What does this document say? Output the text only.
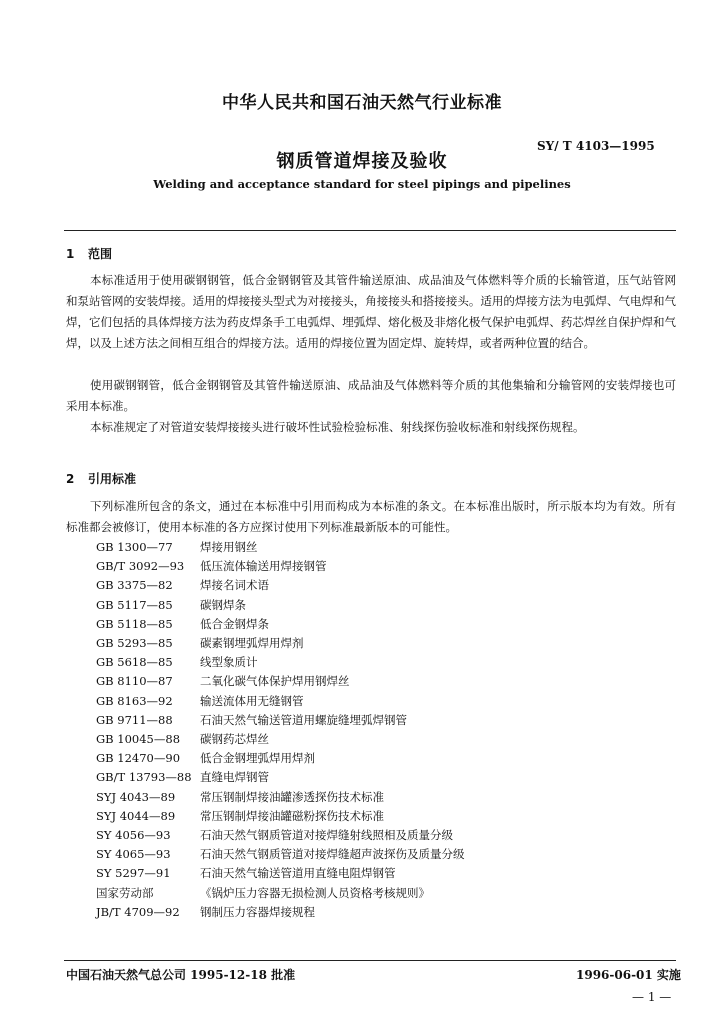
中华人民共和国石油天然气行业标准
SY/ T 4103—1995
钢质管道焊接及验收
Welding and acceptance standard for steel pipings and pipelines
1 范围

本标准适用于使用碳钢钢管，低合金钢钢管及其管件输送原油、成品油及气体燃料等介质的长输管道，压气站管网和泵站管网的安装焊接。适用的焊接接头型式为对接接头，角接接头和搭接接头。适用的焊接方法为电弧焊、气电焊和气焊，它们包括的具体焊接方法为药皮焊条手工电弧焊、埋弧焊、熔化极及非熔化极气保护电弧焊、药芯焊丝自保护焊和气焊，以及上述方法之间相互组合的焊接方法。适用的焊接位置为固定焊、旋转焊，或者两种位置的结合。

使用碳钢钢管，低合金钢钢管及其管件输送原油、成品油及气体燃料等介质的其他集输和分输管网的安装焊接也可采用本标准。

本标准规定了对管道安装焊接接头进行破坏性试验检验标准、射线探伤验收标准和射线探伤规程。

2 引用标准

下列标准所包含的条文，通过在本标准中引用而构成为本标准的条文。在本标准出版时，所示版本均为有效。所有标准都会被修订，使用本标准的各方应探讨使用下列标准最新版本的可能性。

GB 1300—77 焊接用钢丝
GB/T 3092—93 低压流体输送用焊接钢管
GB 3375—82 焊接名词术语
GB 5117—85 碳钢焊条
GB 5118—85 低合金钢焊条
GB 5293—85 碳素钢埋弧焊用焊剂
GB 5618—85 线型象质计
GB 8110—87 二氧化碳气体保护焊用钢焊丝
GB 8163—92 输送流体用无缝钢管
GB 9711—88 石油天然气输送管道用螺旋缝埋弧焊钢管
GB 10045—88 碳钢药芯焊丝
GB 12470—90 低合金钢埋弧焊用焊剂
GB/T 13793—88 直缝电焊钢管
SYJ 4043—89 常压钢制焊接油罐渗透探伤技术标准
SYJ 4044—89 常压钢制焊接油罐磁粉探伤技术标准
SY 4056—93	石油天然气钢质管道对接焊缝射线照相及质量分级
SY 4065—93	石油天然气钢质管道对接焊缝超声波探伤及质量分级
SY 5297—91	石油天然气输送管道用直缝电阻焊钢管
国家劳动部	《锅炉压力容器无损检测人员资格考核规则》
JB/T 4709—92 钢制压力容器焊接规程
中国石油天然气总公司 1995-12-18 批准	1996-06-01 实施
— 1 —
